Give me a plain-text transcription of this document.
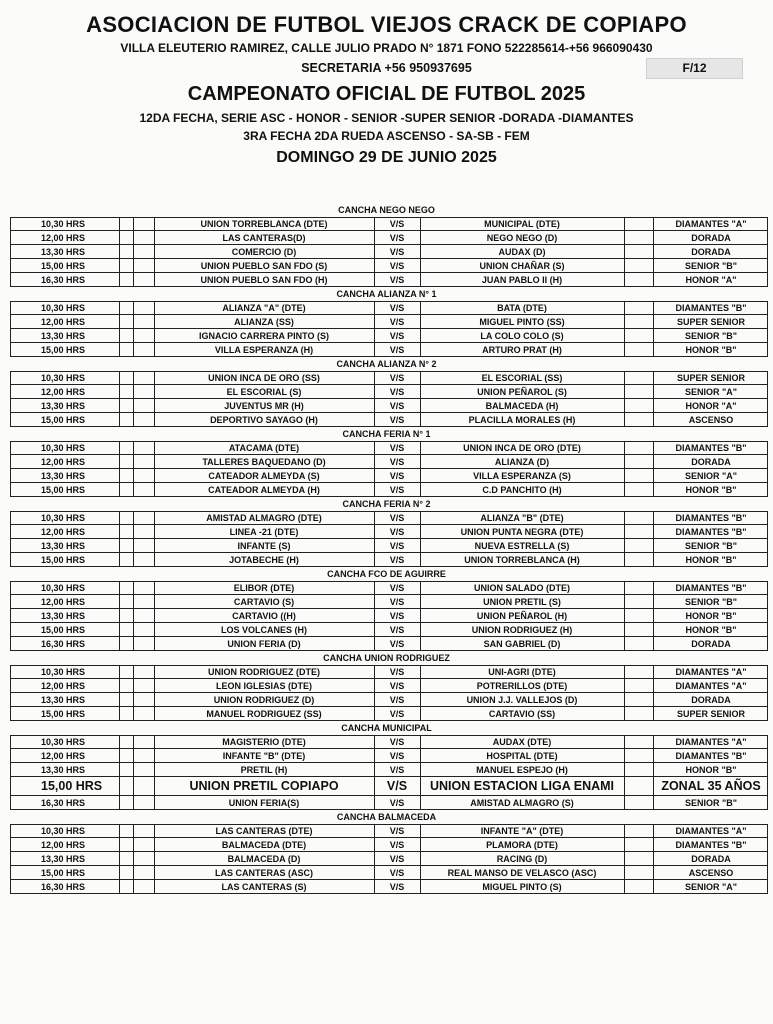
ASOCIACION DE FUTBOL VIEJOS CRACK DE COPIAPO
VILLA ELEUTERIO RAMIREZ, CALLE JULIO PRADO N° 1871 FONO 522285614-+56 966090430
SECRETARIA +56 950937695	F/12
CAMPEONATO OFICIAL DE FUTBOL 2025
12DA FECHA, SERIE ASC - HONOR - SENIOR -SUPER SENIOR -DORADA -DIAMANTES
3RA FECHA 2DA RUEDA ASCENSO - SA-SB - FEM
DOMINGO 29 DE JUNIO 2025
CANCHA NEGO NEGO
10,30 HRS	UNION TORREBLANCA (DTE)	V/S	MUNICIPAL (DTE)	DIAMANTES "A"
12,00 HRS	LAS CANTERAS(D)	V/S	NEGO NEGO (D)	DORADA
13,30 HRS	COMERCIO (D)	V/S	AUDAX (D)	DORADA
15,00 HRS	UNION PUEBLO SAN FDO (S)	V/S	UNION CHAÑAR (S)	SENIOR "B"
16,30 HRS	UNION PUEBLO SAN FDO (H)	V/S	JUAN PABLO II (H)	HONOR "A"
CANCHA ALIANZA N° 1
10,30 HRS	ALIANZA "A" (DTE)	V/S	BATA (DTE)	DIAMANTES "B"
12,00 HRS	ALIANZA (SS)	V/S	MIGUEL PINTO (SS)	SUPER SENIOR
13,30 HRS	IGNACIO CARRERA PINTO (S)	V/S	LA COLO COLO (S)	SENIOR "B"
15,00 HRS	VILLA ESPERANZA (H)	V/S	ARTURO PRAT (H)	HONOR "B"
CANCHA ALIANZA N° 2
10,30 HRS	UNION INCA DE ORO (SS)	V/S	EL ESCORIAL (SS)	SUPER SENIOR
12,00 HRS	EL ESCORIAL (S)	V/S	UNION PEÑAROL (S)	SENIOR "A"
13,30 HRS	JUVENTUS MR (H)	V/S	BALMACEDA (H)	HONOR "A"
15,00 HRS	DEPORTIVO SAYAGO (H)	V/S	PLACILLA MORALES (H)	ASCENSO
CANCHA FERIA N° 1
10,30 HRS	ATACAMA (DTE)	V/S	UNION INCA DE ORO (DTE)	DIAMANTES "B"
12,00 HRS	TALLERES BAQUEDANO (D)	V/S	ALIANZA (D)	DORADA
13,30 HRS	CATEADOR ALMEYDA (S)	V/S	VILLA ESPERANZA (S)	SENIOR "A"
15,00 HRS	CATEADOR ALMEYDA (H)	V/S	C.D PANCHITO (H)	HONOR "B"
CANCHA FERIA N° 2
10,30 HRS	AMISTAD ALMAGRO (DTE)	V/S	ALIANZA "B" (DTE)	DIAMANTES "B"
12,00 HRS	LINEA -21 (DTE)	V/S	UNION PUNTA NEGRA (DTE)	DIAMANTES "B"
13,30 HRS	INFANTE (S)	V/S	NUEVA ESTRELLA (S)	SENIOR "B"
15,00 HRS	JOTABECHE (H)	V/S	UNION TORREBLANCA (H)	HONOR "B"
CANCHA FCO DE AGUIRRE
10,30 HRS	ELIBOR (DTE)	V/S	UNION SALADO (DTE)	DIAMANTES "B"
12,00 HRS	CARTAVIO (S)	V/S	UNION PRETIL (S)	SENIOR "B"
13,30 HRS	CARTAVIO ((H)	V/S	UNION PEÑAROL (H)	HONOR "B"
15,00 HRS	LOS VOLCANES (H)	V/S	UNION RODRIGUEZ (H)	HONOR "B"
16,30 HRS	UNION FERIA (D)	V/S	SAN GABRIEL (D)	DORADA
CANCHA UNION RODRIGUEZ
10,30 HRS	UNION RODRIGUEZ (DTE)	V/S	UNI-AGRI (DTE)	DIAMANTES "A"
12,00 HRS	LEON IGLESIAS (DTE)	V/S	POTRERILLOS (DTE)	DIAMANTES "A"
13,30 HRS	UNION RODRIGUEZ (D)	V/S	UNION J.J. VALLEJOS (D)	DORADA
15,00 HRS	MANUEL RODRIGUEZ (SS)	V/S	CARTAVIO (SS)	SUPER SENIOR
CANCHA MUNICIPAL
10,30 HRS	MAGISTERIO (DTE)	V/S	AUDAX (DTE)	DIAMANTES "A"
12,00 HRS	INFANTE "B" (DTE)	V/S	HOSPITAL (DTE)	DIAMANTES "B"
13,30 HRS	PRETIL (H)	V/S	MANUEL ESPEJO (H)	HONOR "B"
15,00 HRS	UNION PRETIL COPIAPO	V/S	UNION ESTACION LIGA ENAMI	ZONAL 35 AÑOS
16,30 HRS	UNION FERIA(S)	V/S	AMISTAD ALMAGRO (S)	SENIOR "B"
CANCHA BALMACEDA
10,30 HRS	LAS CANTERAS (DTE)	V/S	INFANTE "A" (DTE)	DIAMANTES "A"
12,00 HRS	BALMACEDA (DTE)	V/S	PLAMORA (DTE)	DIAMANTES "B"
13,30 HRS	BALMACEDA (D)	V/S	RACING (D)	DORADA
15,00 HRS	LAS CANTERAS (ASC)	V/S	REAL MANSO DE VELASCO (ASC)	ASCENSO
16,30 HRS	LAS CANTERAS (S)	V/S	MIGUEL PINTO (S)	SENIOR "A"
